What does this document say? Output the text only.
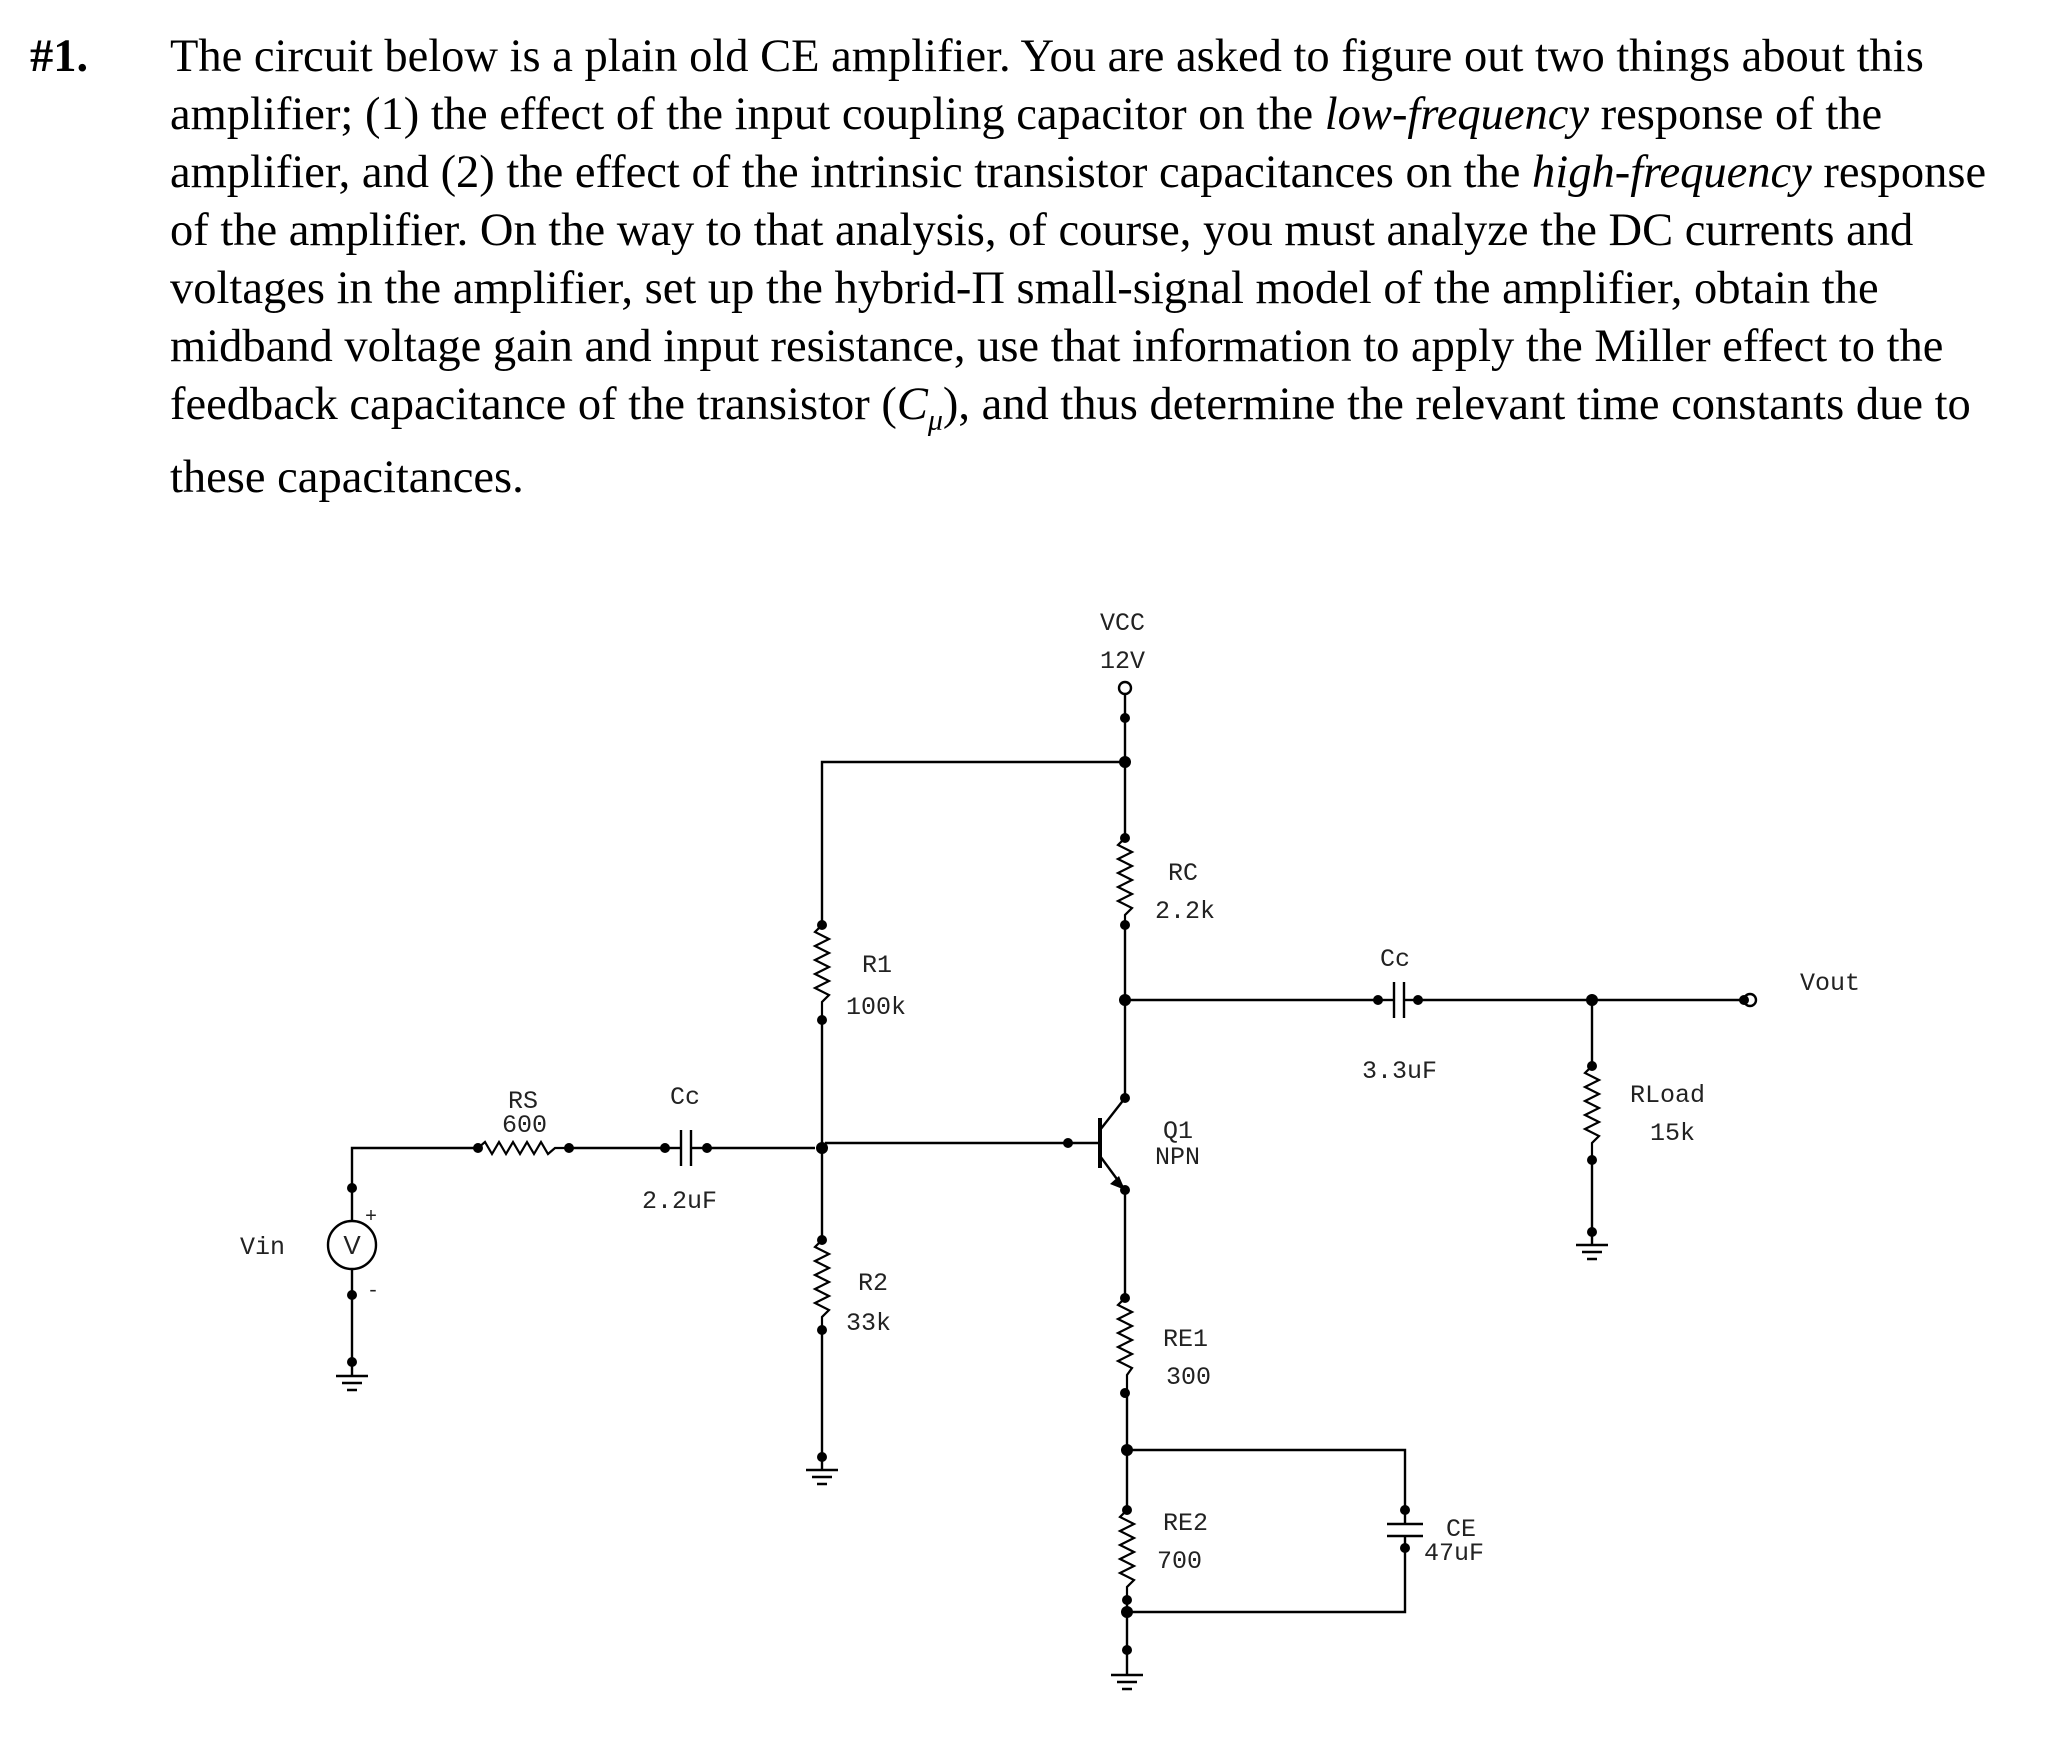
#1. The circuit below is a plain old CE amplifier. You are asked to figure out two things about this amplifier; (1) the effect of the input coupling capacitor on the low-frequency response of the amplifier, and (2) the effect of the intrinsic transistor capacitances on the high-frequency response of the amplifier. On the way to that analysis, of course, you must analyze the DC currents and voltages in the amplifier, set up the hybrid-Π small-signal model of the amplifier, obtain the midband voltage gain and input resistance, use that information to apply the Miller effect to the feedback capacitance of the transistor $(C_\mu)$, and thus determine the relevant time constants due to these capacitances.
V
VCC
12V
RC
2.2k
R1
100k
R2
33k
RS
600
Cc
2.2uF
Vin
+
-
Q1
NPN
RE1
300
RE2
700
CE
47uF
Cc
3.3uF
RLoad
15k
Vout
